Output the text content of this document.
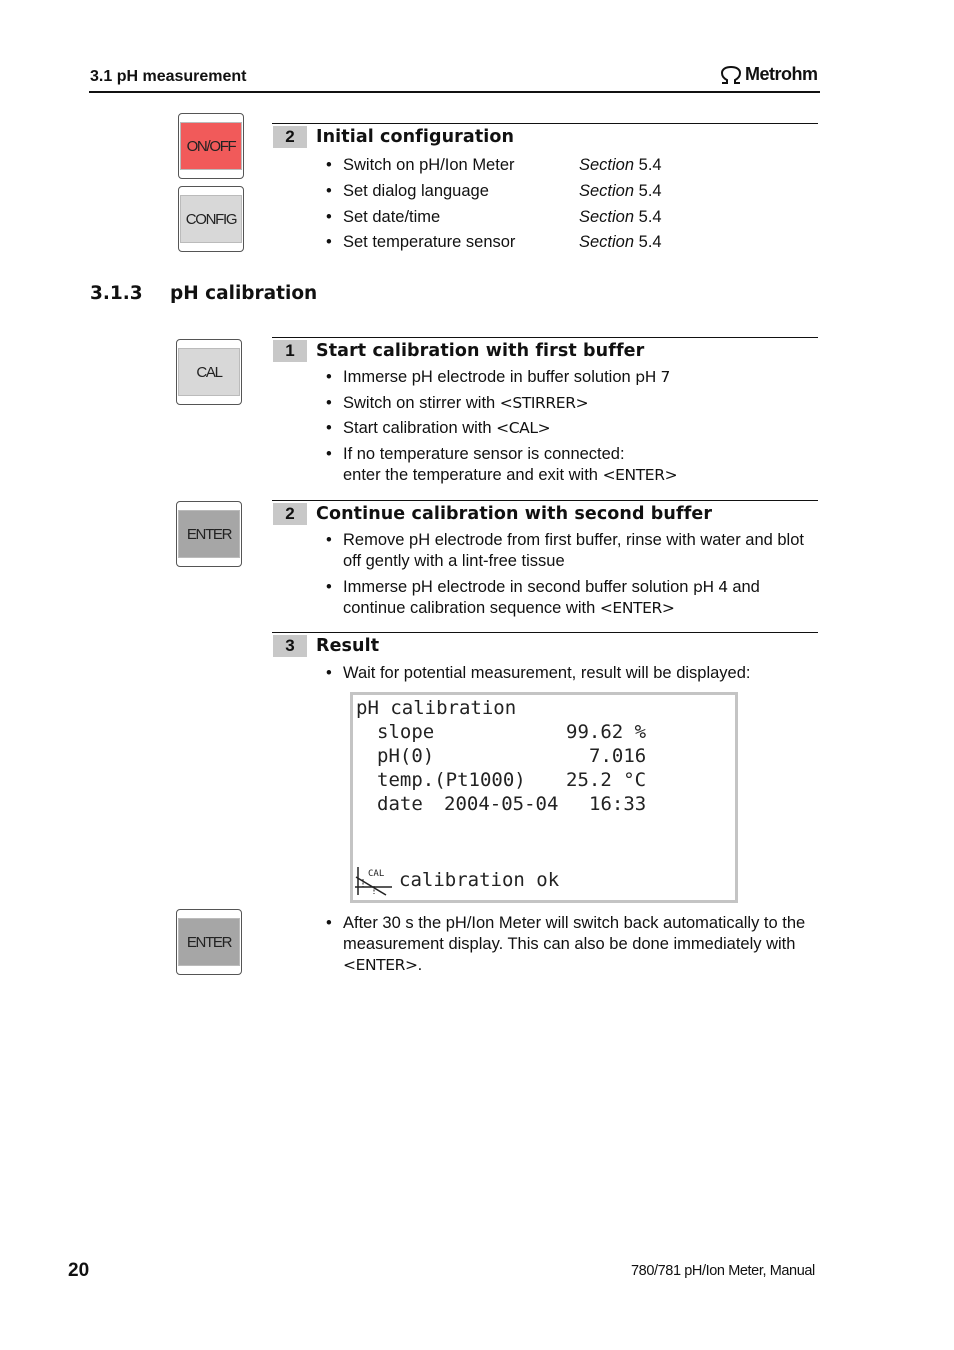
3.1 pH measurement	Metrohm
ON/OFF
CONFIG
CAL
ENTER
ENTER
2	Initial configuration
• Switch on pH/Ion Meter	Section 5.4
• Set dialog language	Section 5.4
• Set date/time	Section 5.4
• Set temperature sensor	Section 5.4
3.1.3 pH calibration
1	Start calibration with first buffer
• Immerse pH electrode in buffer solution pH 7
• Switch on stirrer with <STIRRER>
• Start calibration with <CAL>
• If no temperature sensor is connected:
enter the temperature and exit with <ENTER>
2	Continue calibration with second buffer
• Remove pH electrode from first buffer, rinse with water and blot off gently with a lint-free tissue
• Immerse pH electrode in second buffer solution pH 4 and continue calibration sequence with <ENTER>
3	Result
• Wait for potential measurement, result will be displayed:
pH calibration
slope	99.62 %
pH(0)	7.016
temp.(Pt1000) 25.2 °C
date 2004-05-04 16:33
CAL calibration ok
• After 30 s the pH/Ion Meter will switch back automatically to the measurement display. This can also be done immediately with <ENTER>.
20	780/781 pH/Ion Meter, Manual
